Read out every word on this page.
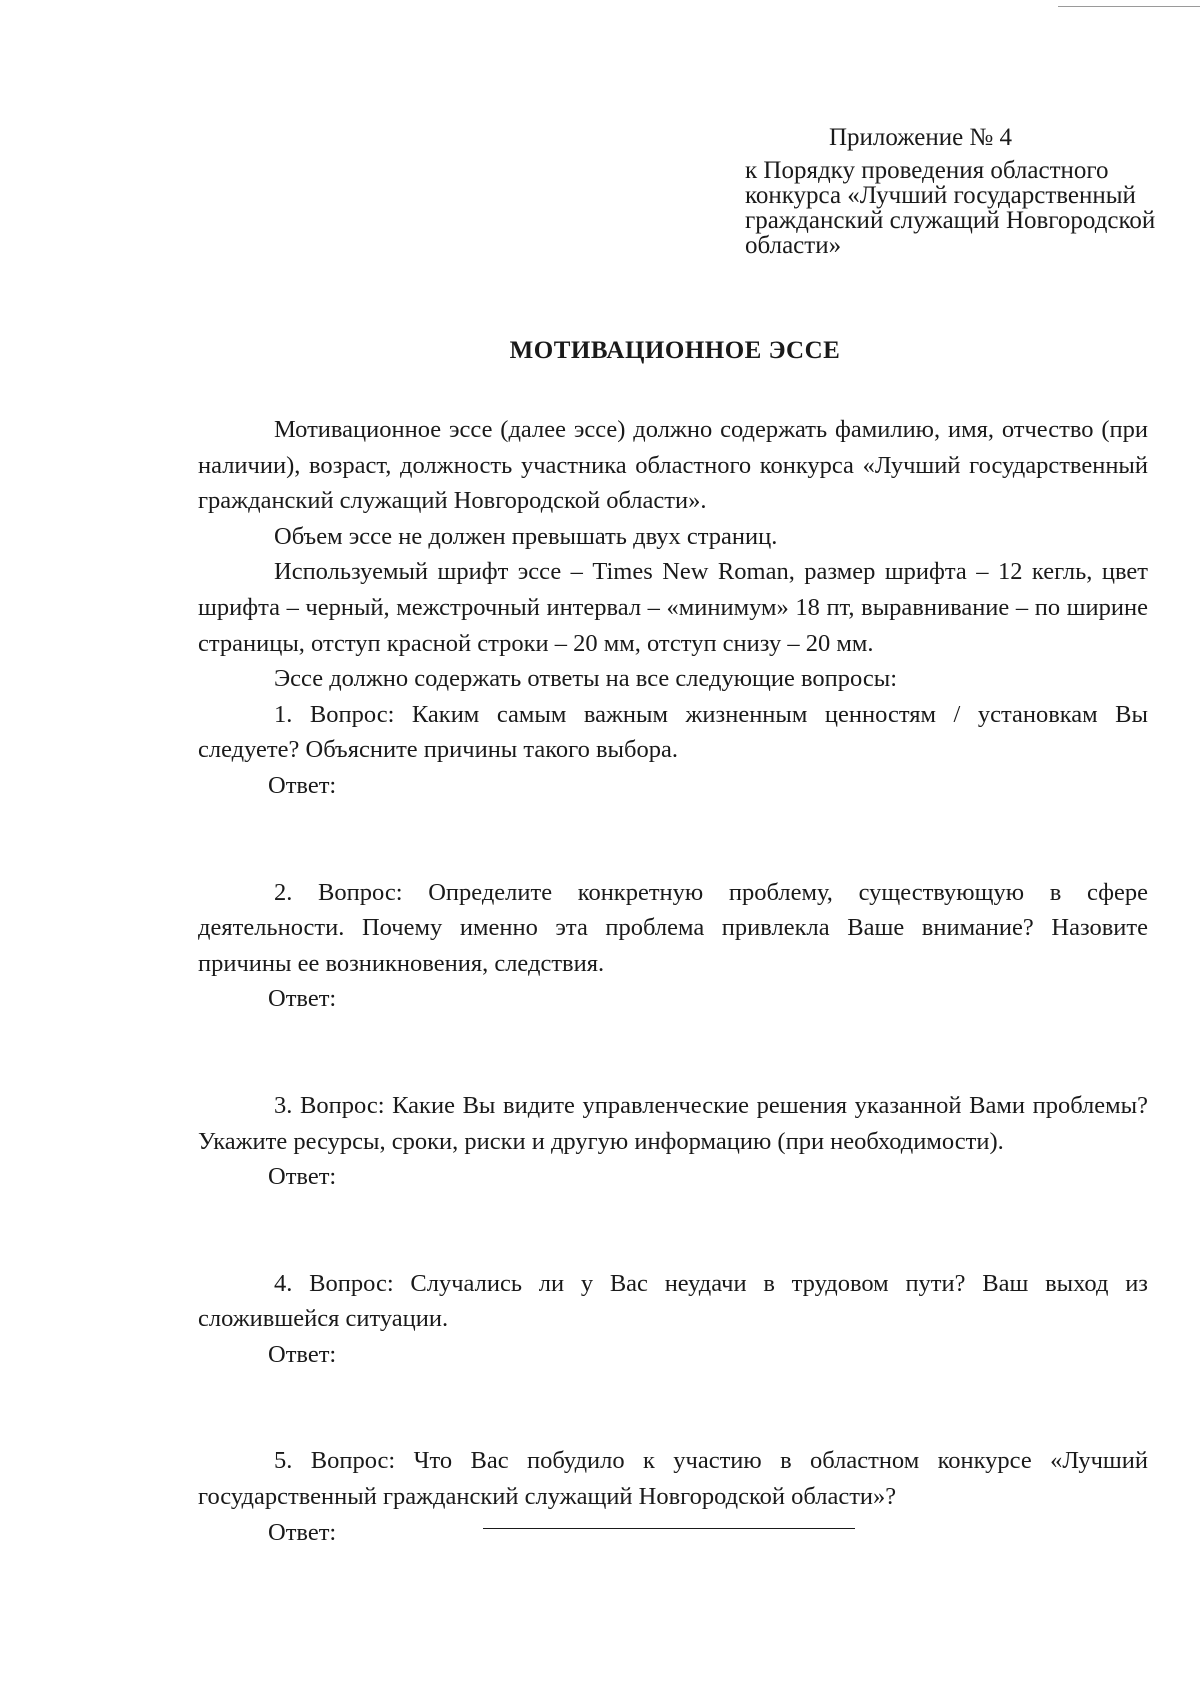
Приложение № 4
к Порядку проведения областного конкурса «Лучший государственный гражданский служащий Новгородской области»
МОТИВАЦИОННОЕ ЭССЕ

Мотивационное эссе (далее эссе) должно содержать фамилию, имя, отчество (при наличии), возраст, должность участника областного конкурса «Лучший государственный гражданский служащий Новгородской области».

Объем эссе не должен превышать двух страниц.

Используемый шрифт эссе – Times New Roman, размер шрифта – 12 кегль, цвет шрифта – черный, межстрочный интервал – «минимум» 18 пт, выравнивание – по ширине страницы, отступ красной строки – 20 мм, отступ снизу – 20 мм.

Эссе должно содержать ответы на все следующие вопросы:

1. Вопрос: Каким самым важным жизненным ценностям / установкам Вы следуете? Объясните причины такого выбора.

Ответ:

2. Вопрос: Определите конкретную проблему, существующую в сфере деятельности. Почему именно эта проблема привлекла Ваше внимание? Назовите причины ее возникновения, следствия.

Ответ:

3. Вопрос: Какие Вы видите управленческие решения указанной Вами проблемы? Укажите ресурсы, сроки, риски и другую информацию (при необходимости).

Ответ:

4. Вопрос: Случались ли у Вас неудачи в трудовом пути? Ваш выход из сложившейся ситуации.

Ответ:

5. Вопрос: Что Вас побудило к участию в областном конкурсе «Лучший государственный гражданский служащий Новгородской области»?

Ответ:
